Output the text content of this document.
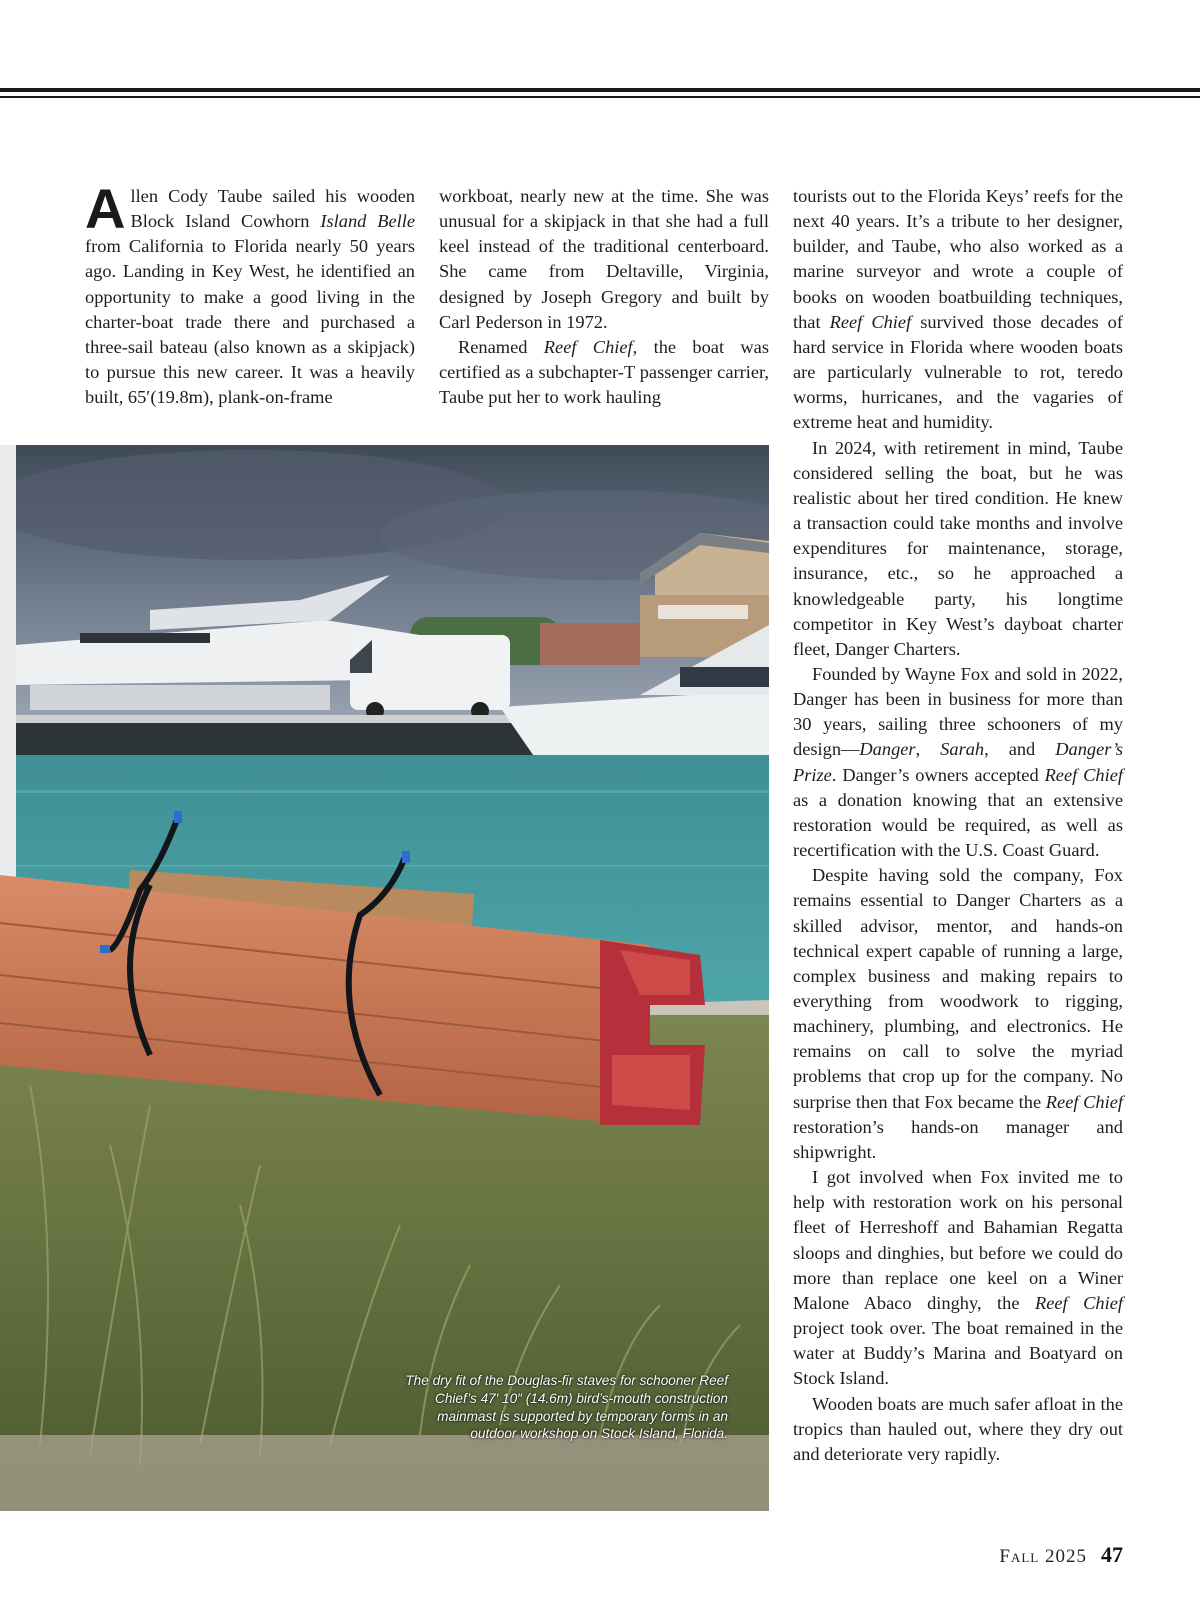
Allen Cody Taube sailed his wooden Block Island Cowhorn Island Belle from California to Florida nearly 50 years ago. Landing in Key West, he identified an opportunity to make a good living in the charter-boat trade there and purchased a three-sail bateau (also known as a skipjack) to pursue this new career. It was a heavily built, 65′(19.8m), plank-on-frame

workboat, nearly new at the time. She was unusual for a skipjack in that she had a full keel instead of the traditional centerboard. She came from Deltaville, Virginia, designed by Joseph Gregory and built by Carl Pederson in 1972.

Renamed Reef Chief, the boat was certified as a subchapter-T passenger carrier, Taube put her to work hauling

tourists out to the Florida Keys’ reefs for the next 40 years. It’s a tribute to her designer, builder, and Taube, who also worked as a marine surveyor and wrote a couple of books on wooden boatbuilding techniques, that Reef Chief survived those decades of hard service in Florida where wooden boats are particularly vulnerable to rot, teredo worms, hurricanes, and the vagaries of extreme heat and humidity.

In 2024, with retirement in mind, Taube considered selling the boat, but he was realistic about her tired condition. He knew a transaction could take months and involve expenditures for maintenance, storage, insurance, etc., so he approached a knowledgeable party, his longtime competitor in Key West’s dayboat charter fleet, Danger Charters.

Founded by Wayne Fox and sold in 2022, Danger has been in business for more than 30 years, sailing three schooners of my design—Danger, Sarah, and Danger’s Prize. Danger’s owners accepted Reef Chief as a donation knowing that an extensive restoration would be required, as well as recertification with the U.S. Coast Guard.

Despite having sold the company, Fox remains essential to Danger Charters as a skilled advisor, mentor, and hands-on technical expert capable of running a large, complex business and making repairs to everything from woodwork to rigging, machinery, plumbing, and electronics. He remains on call to solve the myriad problems that crop up for the company. No surprise then that Fox became the Reef Chief restoration’s hands-on manager and shipwright.

I got involved when Fox invited me to help with restoration work on his personal fleet of Herreshoff and Bahamian Regatta sloops and dinghies, but before we could do more than replace one keel on a Winer Malone Abaco dinghy, the Reef Chief project took over. The boat remained in the water at Buddy’s Marina and Boatyard on Stock Island.

Wooden boats are much safer afloat in the tropics than hauled out, where they dry out and deteriorate very rapidly.

The dry fit of the Douglas-fir staves for schooner Reef Chief’s 47′ 10″ (14.6m) bird’s-mouth construction mainmast is supported by temporary forms in an outdoor workshop on Stock Island, Florida.
Fall 2025 47
